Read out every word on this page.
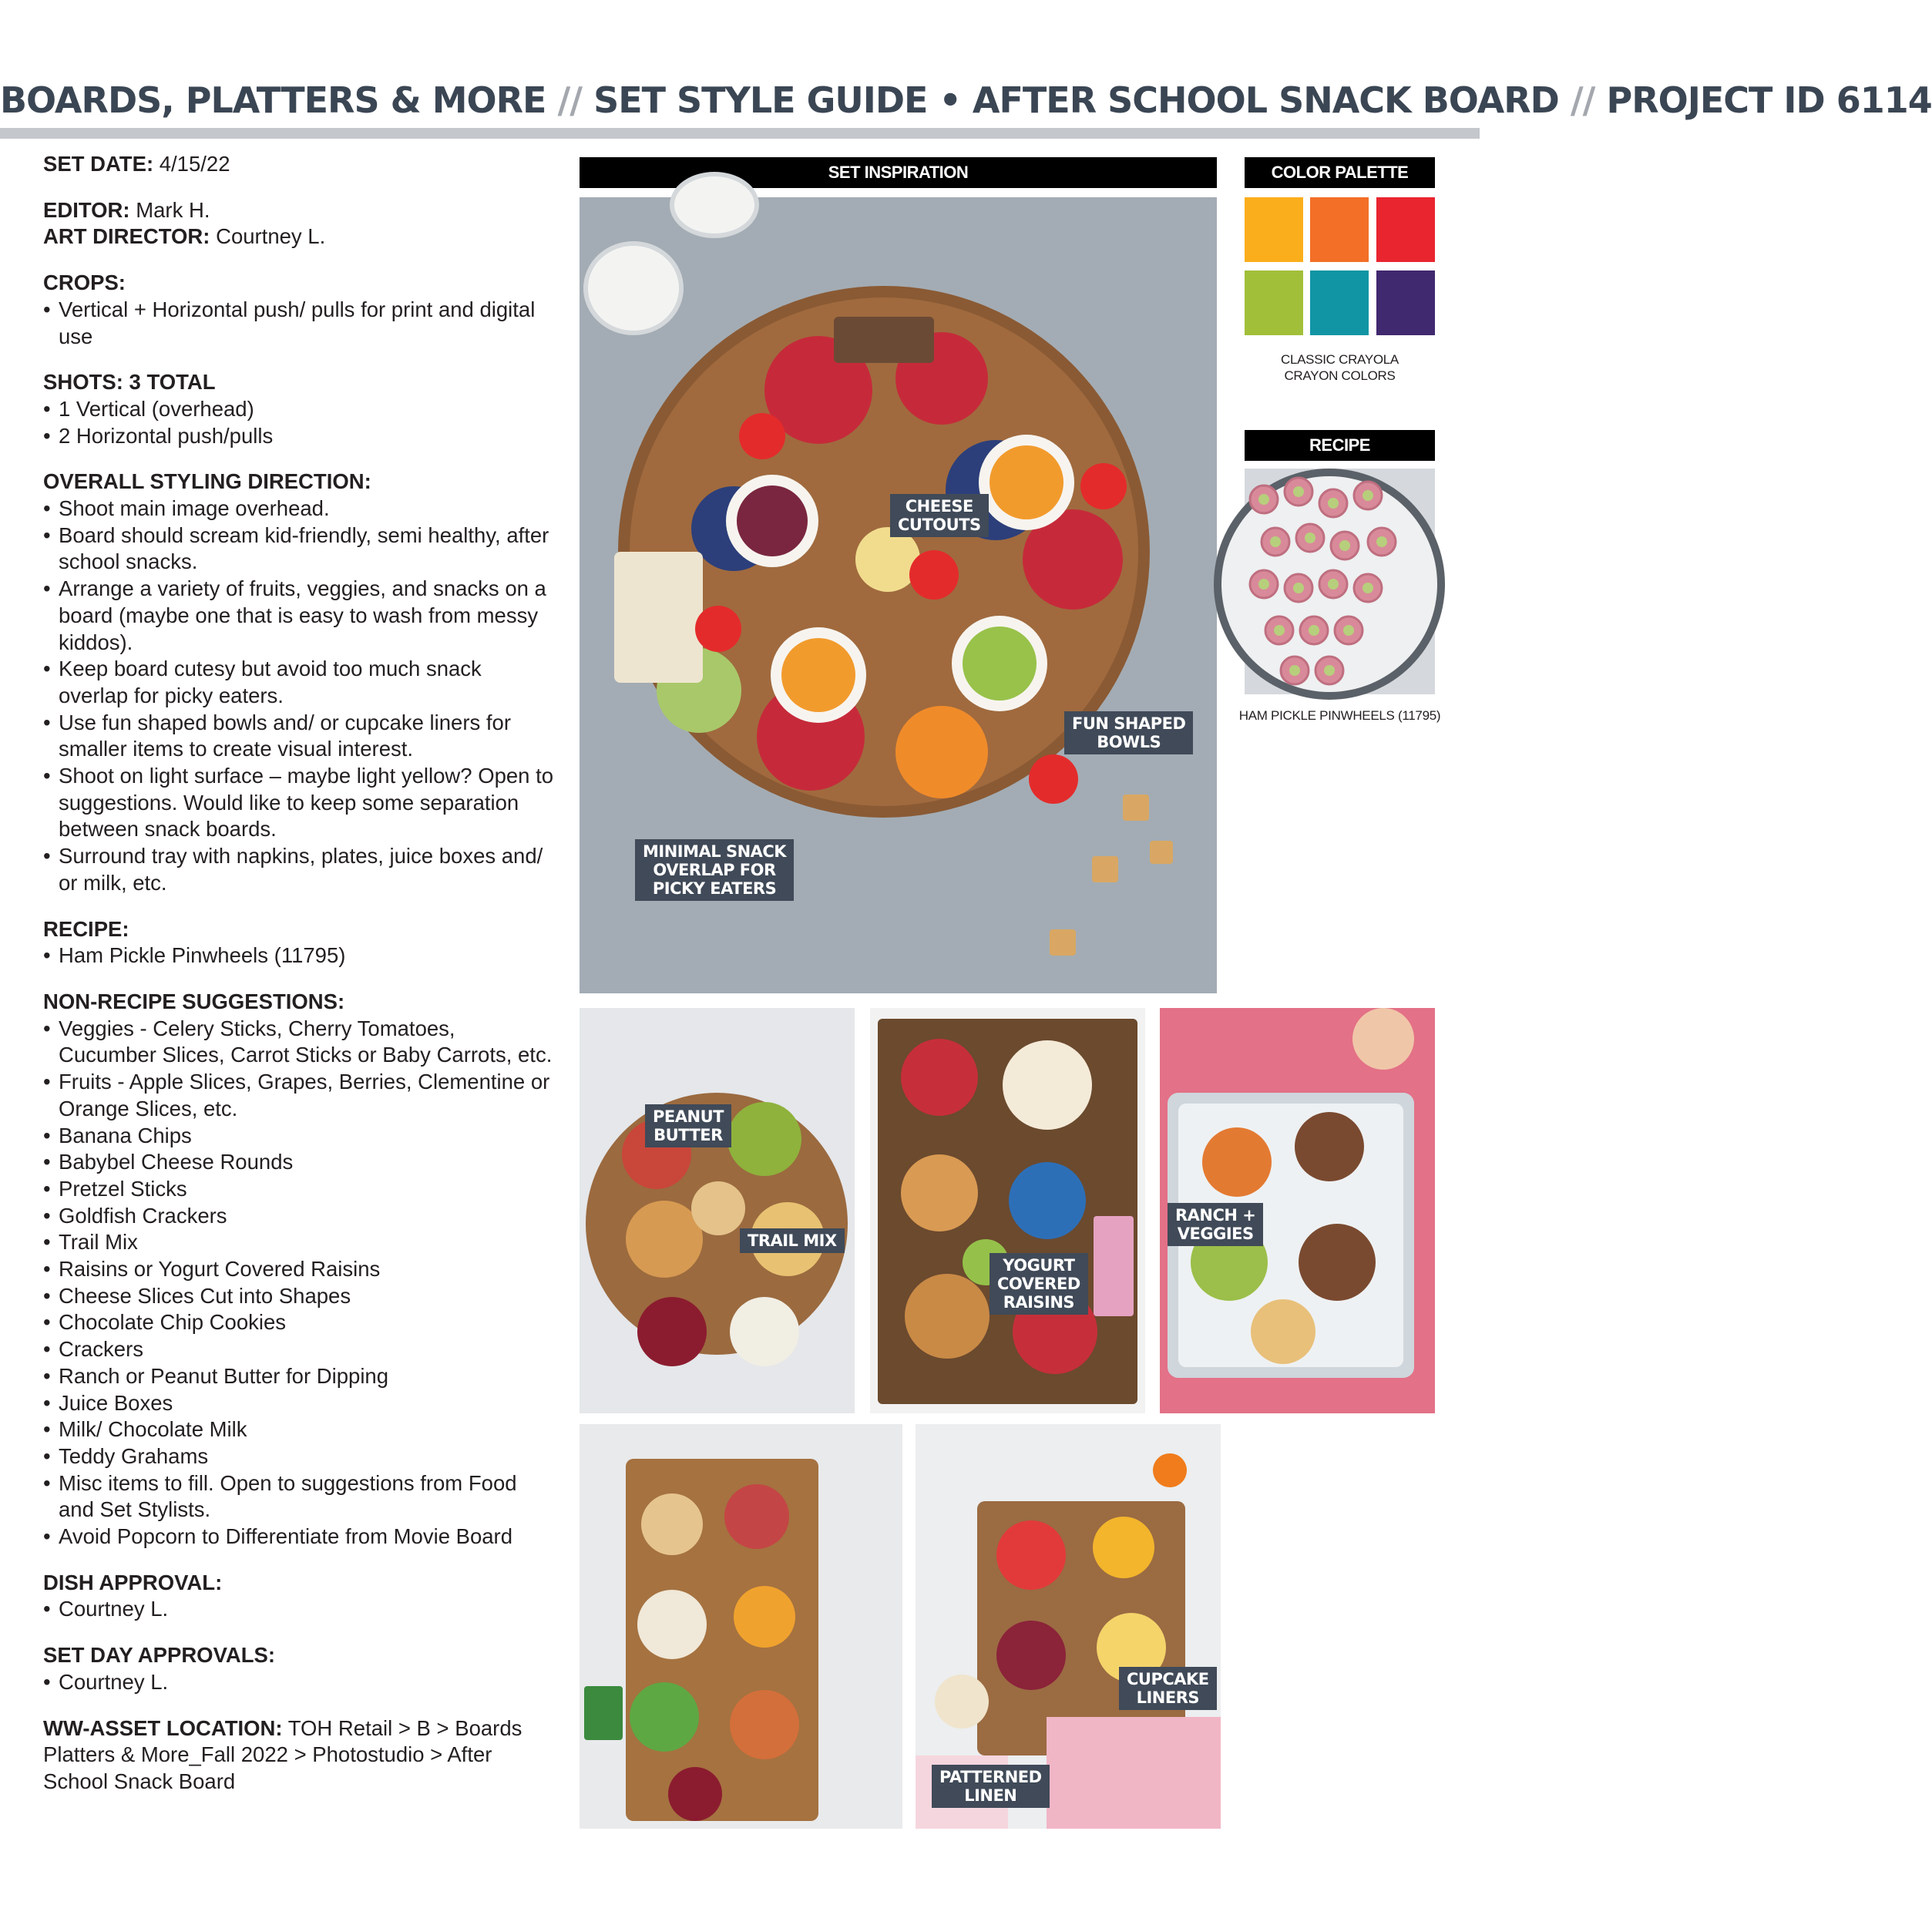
BOARDS, PLATTERS & MORE // SET STYLE GUIDE • AFTER SCHOOL SNACK BOARD // PROJECT ID 6114
SET DATE: 4/15/22
EDITOR: Mark H.
ART DIRECTOR: Courtney L.
CROPS:
• Vertical + Horizontal push/ pulls for print and digital use
SHOTS: 3 TOTAL
• 1 Vertical (overhead)
• 2 Horizontal push/pulls
OVERALL STYLING DIRECTION:
• Shoot main image overhead.
• Board should scream kid-friendly, semi healthy, after school snacks.
• Arrange a variety of fruits, veggies, and snacks on a board (maybe one that is easy to wash from messy kiddos).
• Keep board cutesy but avoid too much snack overlap for picky eaters.
• Use fun shaped bowls and/ or cupcake liners for smaller items to create visual interest.
• Shoot on light surface – maybe light yellow? Open to suggestions. Would like to keep some separation between snack boards.
• Surround tray with napkins, plates, juice boxes and/ or milk, etc.
RECIPE:
• Ham Pickle Pinwheels (11795)
NON-RECIPE SUGGESTIONS:
• Veggies - Celery Sticks, Cherry Tomatoes, Cucumber Slices, Carrot Sticks or Baby Carrots, etc.
• Fruits - Apple Slices, Grapes, Berries, Clementine or Orange Slices, etc.
• Banana Chips
• Babybel Cheese Rounds
• Pretzel Sticks
• Goldfish Crackers
• Trail Mix
• Raisins or Yogurt Covered Raisins
• Cheese Slices Cut into Shapes
• Chocolate Chip Cookies
• Crackers
• Ranch or Peanut Butter for Dipping
• Juice Boxes
• Milk/ Chocolate Milk
• Teddy Grahams
• Misc items to fill. Open to suggestions from Food and Set Stylists.
• Avoid Popcorn to Differentiate from Movie Board
DISH APPROVAL:
• Courtney L.
SET DAY APPROVALS:
• Courtney L.
WW-ASSET LOCATION: TOH Retail > B > Boards Platters & More_Fall 2022 > Photostudio > After School Snack Board
SET INSPIRATION
CHEESE
CUTOUTS
FUN SHAPED
BOWLS
MINIMAL SNACK
OVERLAP FOR
PICKY EATERS
PEANUT
BUTTER
TRAIL MIX
YOGURT
COVERED
RAISINS
RANCH +
VEGGIES
CUPCAKE
LINERS
PATTERNED
LINEN
COLOR PALETTE
CLASSIC CRAYOLA
CRAYON COLORS
RECIPE
HAM PICKLE PINWHEELS (11795)
